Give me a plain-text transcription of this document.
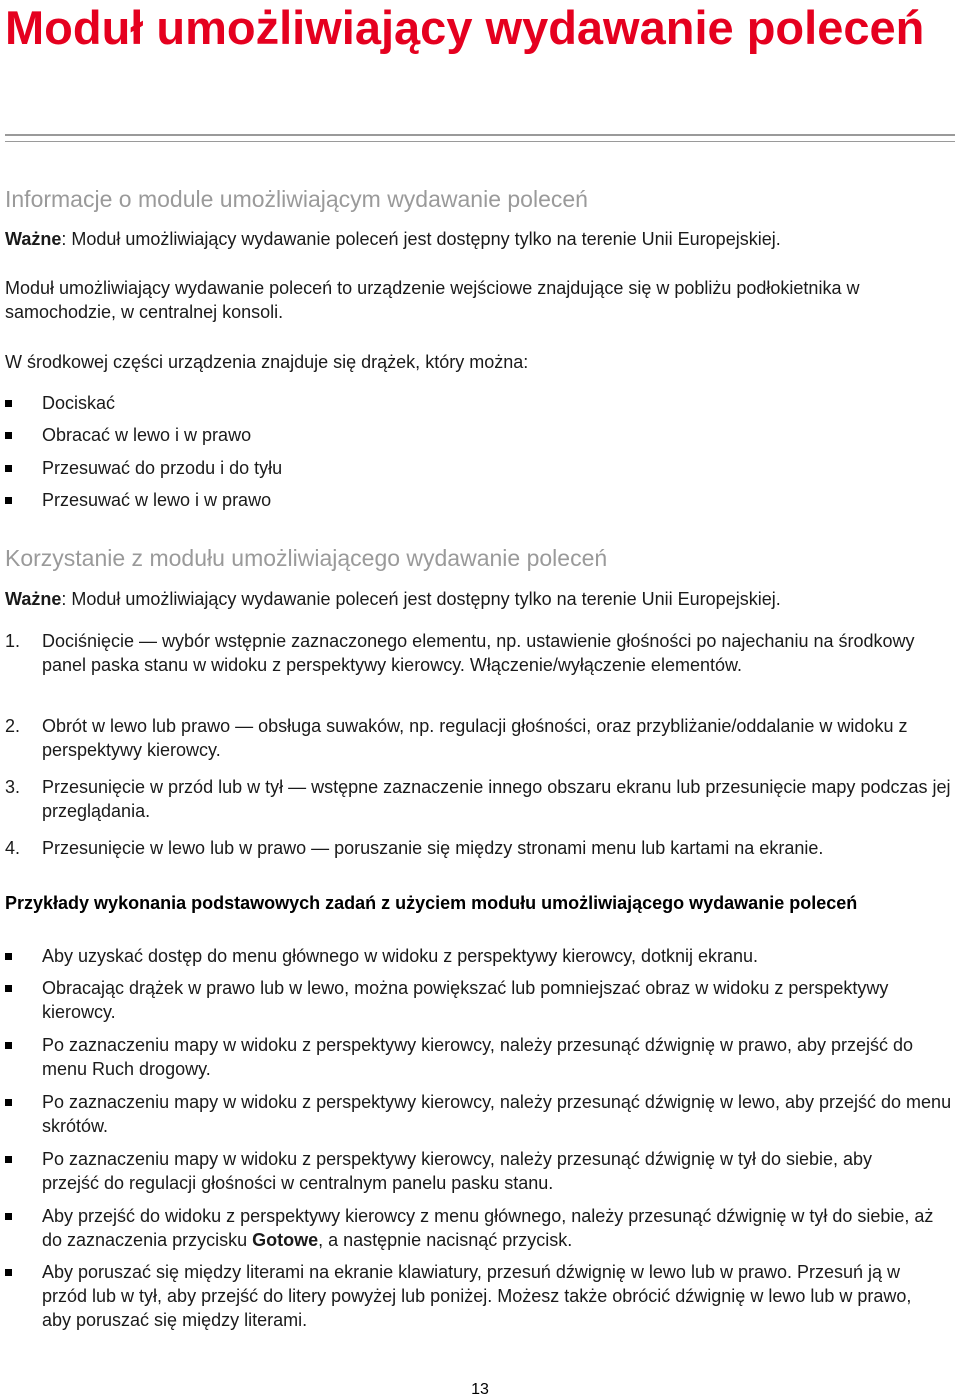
Moduł umożliwiający wydawanie poleceń
Informacje o module umożliwiającym wydawanie poleceń

Ważne: Moduł umożliwiający wydawanie poleceń jest dostępny tylko na terenie Unii Europejskiej.

Moduł umożliwiający wydawanie poleceń to urządzenie wejściowe znajdujące się w pobliżu podłokietnika w samochodzie, w centralnej konsoli.

W środkowej części urządzenia znajduje się drążek, który można:

Dociskać
Obracać w lewo i w prawo
Przesuwać do przodu i do tyłu
Przesuwać w lewo i w prawo
Korzystanie z modułu umożliwiającego wydawanie poleceń

Ważne: Moduł umożliwiający wydawanie poleceń jest dostępny tylko na terenie Unii Europejskiej.

1. Dociśnięcie — wybór wstępnie zaznaczonego elementu, np. ustawienie głośności po najechaniu na środkowy panel paska stanu w widoku z perspektywy kierowcy. Włączenie/wyłączenie elementów.
2. Obrót w lewo lub prawo — obsługa suwaków, np. regulacji głośności, oraz przybliżanie/oddalanie w widoku z perspektywy kierowcy.
3. Przesunięcie w przód lub w tył — wstępne zaznaczenie innego obszaru ekranu lub przesunięcie mapy podczas jej przeglądania.
4. Przesunięcie w lewo lub w prawo — poruszanie się między stronami menu lub kartami na ekranie.
Przykłady wykonania podstawowych zadań z użyciem modułu umożliwiającego wydawanie poleceń
Aby uzyskać dostęp do menu głównego w widoku z perspektywy kierowcy, dotknij ekranu.
Obracając drążek w prawo lub w lewo, można powiększać lub pomniejszać obraz w widoku z perspektywy kierowcy.
Po zaznaczeniu mapy w widoku z perspektywy kierowcy, należy przesunąć dźwignię w prawo, aby przejść do menu Ruch drogowy.
Po zaznaczeniu mapy w widoku z perspektywy kierowcy, należy przesunąć dźwignię w lewo, aby przejść do menu skrótów.
Po zaznaczeniu mapy w widoku z perspektywy kierowcy, należy przesunąć dźwignię w tył do siebie, aby przejść do regulacji głośności w centralnym panelu pasku stanu.
Aby przejść do widoku z perspektywy kierowcy z menu głównego, należy przesunąć dźwignię w tył do siebie, aż do zaznaczenia przycisku Gotowe, a następnie nacisnąć przycisk.
Aby poruszać się między literami na ekranie klawiatury, przesuń dźwignię w lewo lub w prawo. Przesuń ją w przód lub w tył, aby przejść do litery powyżej lub poniżej. Możesz także obrócić dźwignię w lewo lub w prawo, aby poruszać się między literami.
13
